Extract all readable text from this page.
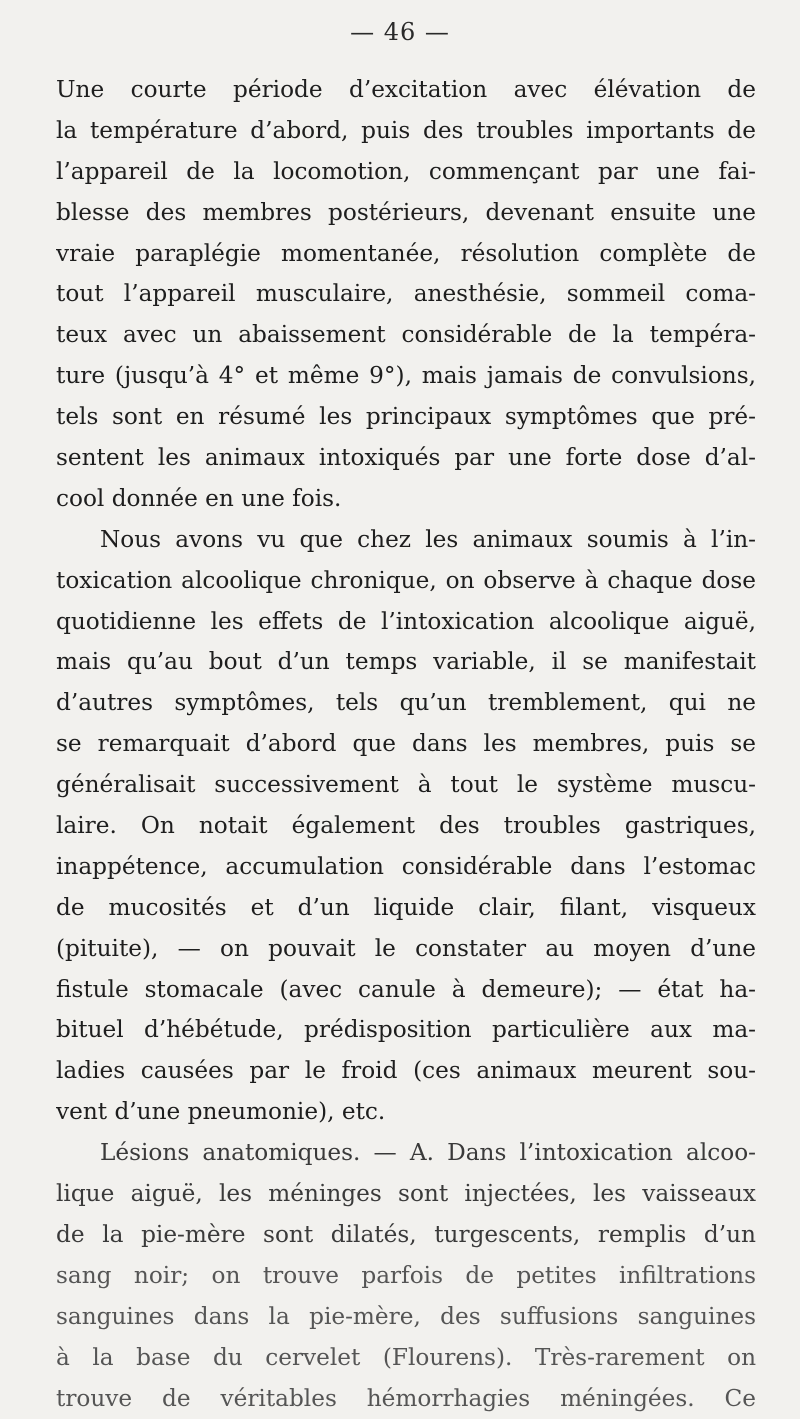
— 46 —
Une courte période d’excitation avec élévation de
la température d’abord, puis des troubles importants de
l’appareil de la locomotion, commençant par une fai-
blesse des membres postérieurs, devenant ensuite une
vraie paraplégie momentanée, résolution complète de
tout l’appareil musculaire, anesthésie, sommeil coma-
teux avec un abaissement considérable de la tempéra-
ture (jusqu’à 4° et même 9°), mais jamais de convulsions,
tels sont en résumé les principaux symptômes que pré-
sentent les animaux intoxiqués par une forte dose d’al-
cool donnée en une fois.
Nous avons vu que chez les animaux soumis à l’in-
toxication alcoolique chronique, on observe à chaque dose
quotidienne les effets de l’intoxication alcoolique aiguë,
mais qu’au bout d’un temps variable, il se manifestait
d’autres symptômes, tels qu’un tremblement, qui ne
se remarquait d’abord que dans les membres, puis se
généralisait successivement à tout le système muscu-
laire. On notait également des troubles gastriques,
inappétence, accumulation considérable dans l’estomac
de mucosités et d’un liquide clair, filant, visqueux
(pituite), — on pouvait le constater au moyen d’une
fistule stomacale (avec canule à demeure); — état ha-
bituel d’hébétude, prédisposition particulière aux ma-
ladies causées par le froid (ces animaux meurent sou-
vent d’une pneumonie), etc.
Lésions anatomiques. — A. Dans l’intoxication alcoo-
lique aiguë, les méninges sont injectées, les vaisseaux
de la pie-mère sont dilatés, turgescents, remplis d’un
sang noir; on trouve parfois de petites infiltrations
sanguines dans la pie-mère, des suffusions sanguines
à la base du cervelet (Flourens). Très-rarement on
trouve de véritables hémorrhagies méningées. Ce
